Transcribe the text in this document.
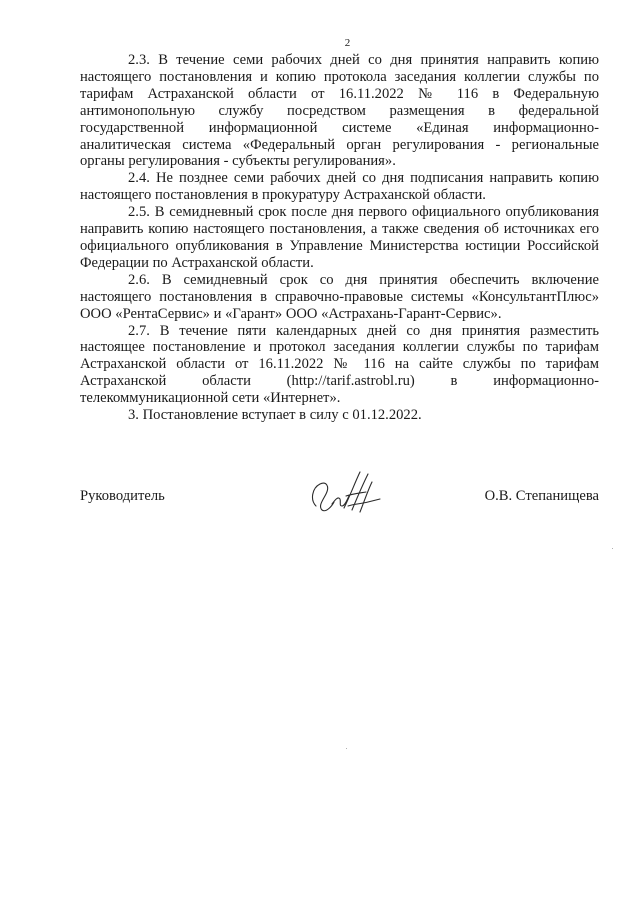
2

2.3. В течение семи рабочих дней со дня принятия направить копию настоящего постановления и копию протокола заседания коллегии службы по тарифам Астраханской области от 16.11.2022 № 116 в Федеральную антимонопольную службу посредством размещения в федеральной государственной информационной системе «Единая информационно-аналитическая система «Федеральный орган регулирования - региональные органы регулирования - субъекты регулирования».

2.4. Не позднее семи рабочих дней со дня подписания направить копию настоящего постановления в прокуратуру Астраханской области.

2.5. В семидневный срок после дня первого официального опубликования направить копию настоящего постановления, а также сведения об источниках его официального опубликования в Управление Министерства юстиции Российской Федерации по Астраханской области.

2.6. В семидневный срок со дня принятия обеспечить включение настоящего постановления в справочно-правовые системы «КонсультантПлюс» ООО «РентаСервис» и «Гарант» ООО «Астрахань-Гарант-Сервис».

2.7. В течение пяти календарных дней со дня принятия разместить настоящее постановление и протокол заседания коллегии службы по тарифам Астраханской области от 16.11.2022 № 116 на сайте службы по тарифам Астраханской области (http://tarif.astrobl.ru) в информационно-телекоммуникационной сети «Интернет».

3. Постановление вступает в силу с 01.12.2022.

Руководитель	О.В. Степанищева
